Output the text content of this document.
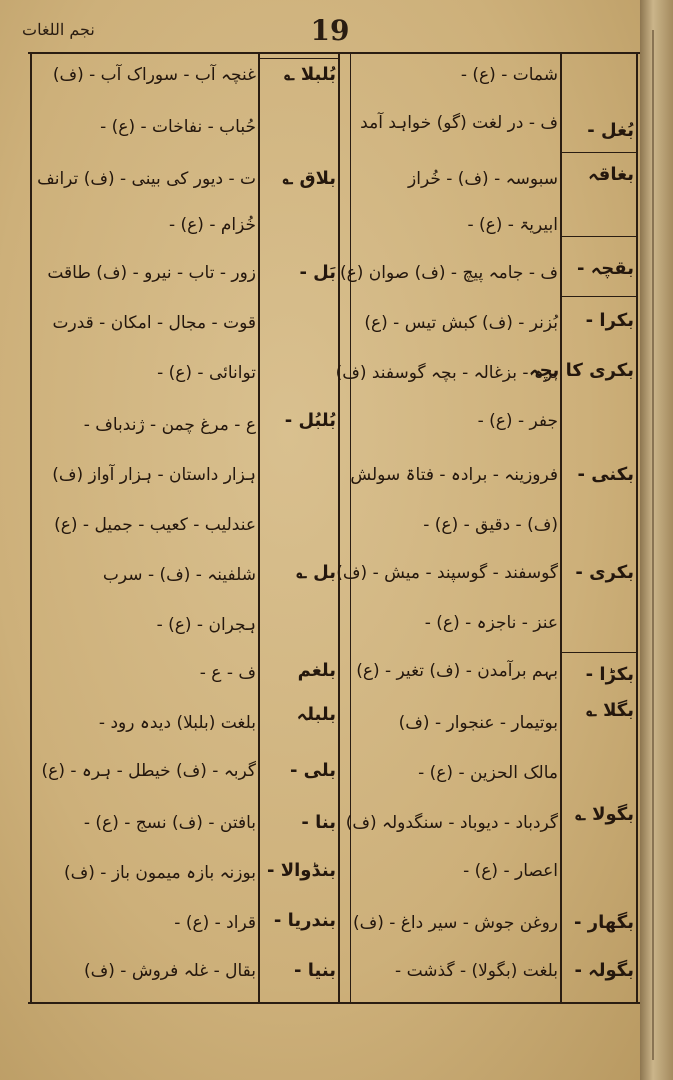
نجم اللغات	19
شمات - (ع) -
ف - در لغت (گو) خواہد آمد
سبوسہ - (ف) - خُراز
ابیریۃ - (ع) -
ف - جامہ پیچ - (ف) صوان (ع)
بُزنر - (ف) کبش تیس - (ع)
برہ - بزغالہ - بچہ گوسفند (ف)
جفر - (ع) -
فروزینہ - برادہ - فتاۃ سولش
(ف) - دقیق - (ع) -
گوسفند - گوسپند - میش - (ف)
عنز - ناجزہ - (ع) -
بہم برآمدن - (ف) تغیر - (ع)
بوتیمار - عنجوار - (ف)
مالک الحزین - (ع) -
گردباد - دیوباد - سنگدولہ (ف)
اعصار - (ع) -
روغن جوش - سیر داغ - (ف)
بلغت (بگولا) - گذشت -
بُغل -
بغاقہ
بقچہ -
بکرا -
بکری کا بچہ
بکنی -
بکری -
بکڑا -
بگلا ؎
بگولا ؎
بگھار -
بگولہ -
بُلبلا ؎
بلاق ؎
بَل -
بُلبُل -
بل ؎
بلغم
بلبلہ
بلی -
بنا -
بنڈوالا -
بندریا -
بنیا -
غنچہ آب - سوراک آب - (ف)
حُباب - نفاخات - (ع) -
ت - دیور کی بینی - (ف) ترانف
خُزام - (ع) -
زور - تاب - نیرو - (ف) طاقت
قوت - مجال - امکان - قدرت
توانائی - (ع) -
ع - مرغ چمن - ژندباف -
ہزار داستان - ہزار آواز (ف)
عندلیب - کعیب - جمیل - (ع)
شلفینہ - (ف) - سرب
ہجران - (ع) -
ف - ع -
بلغت (بلبلا) دیدہ رود -
گربہ - (ف) خیطل - ہرہ - (ع)
بافتن - (ف) نسج - (ع) -
بوزنہ بازہ میمون باز - (ف)
قراد - (ع) -
بقال - غلہ فروش - (ف)
